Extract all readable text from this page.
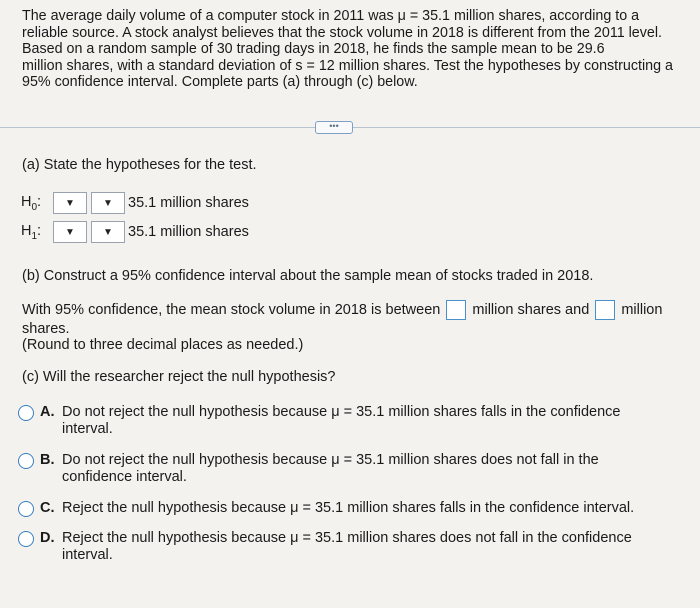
The average daily volume of a computer stock in 2011 was μ = 35.1 million shares, according to a
reliable source. A stock analyst believes that the stock volume in 2018 is different from the 2011 level.
Based on a random sample of 30 trading days in 2018, he finds the sample mean to be 29.6
million shares, with a standard deviation of s = 12 million shares. Test the hypotheses by constructing a
95% confidence interval. Complete parts (a) through (c) below.
•••
(a) State the hypotheses for the test.
$H_0$:	▼	▼ 35.1 million shares
$H_1$:	▼	▼ 35.1 million shares
(b) Construct a 95% confidence interval about the sample mean of stocks traded in 2018.
With 95% confidence, the mean stock volume in 2018 is between million shares and million
shares.
(Round to three decimal places as needed.)
(c) Will the researcher reject the null hypothesis?
A. Do not reject the null hypothesis because μ = 35.1 million shares falls in the confidence
interval.
B. Do not reject the null hypothesis because μ = 35.1 million shares does not fall in the
confidence interval.
C. Reject the null hypothesis because μ = 35.1 million shares falls in the confidence interval.
D. Reject the null hypothesis because μ = 35.1 million shares does not fall in the confidence
interval.
